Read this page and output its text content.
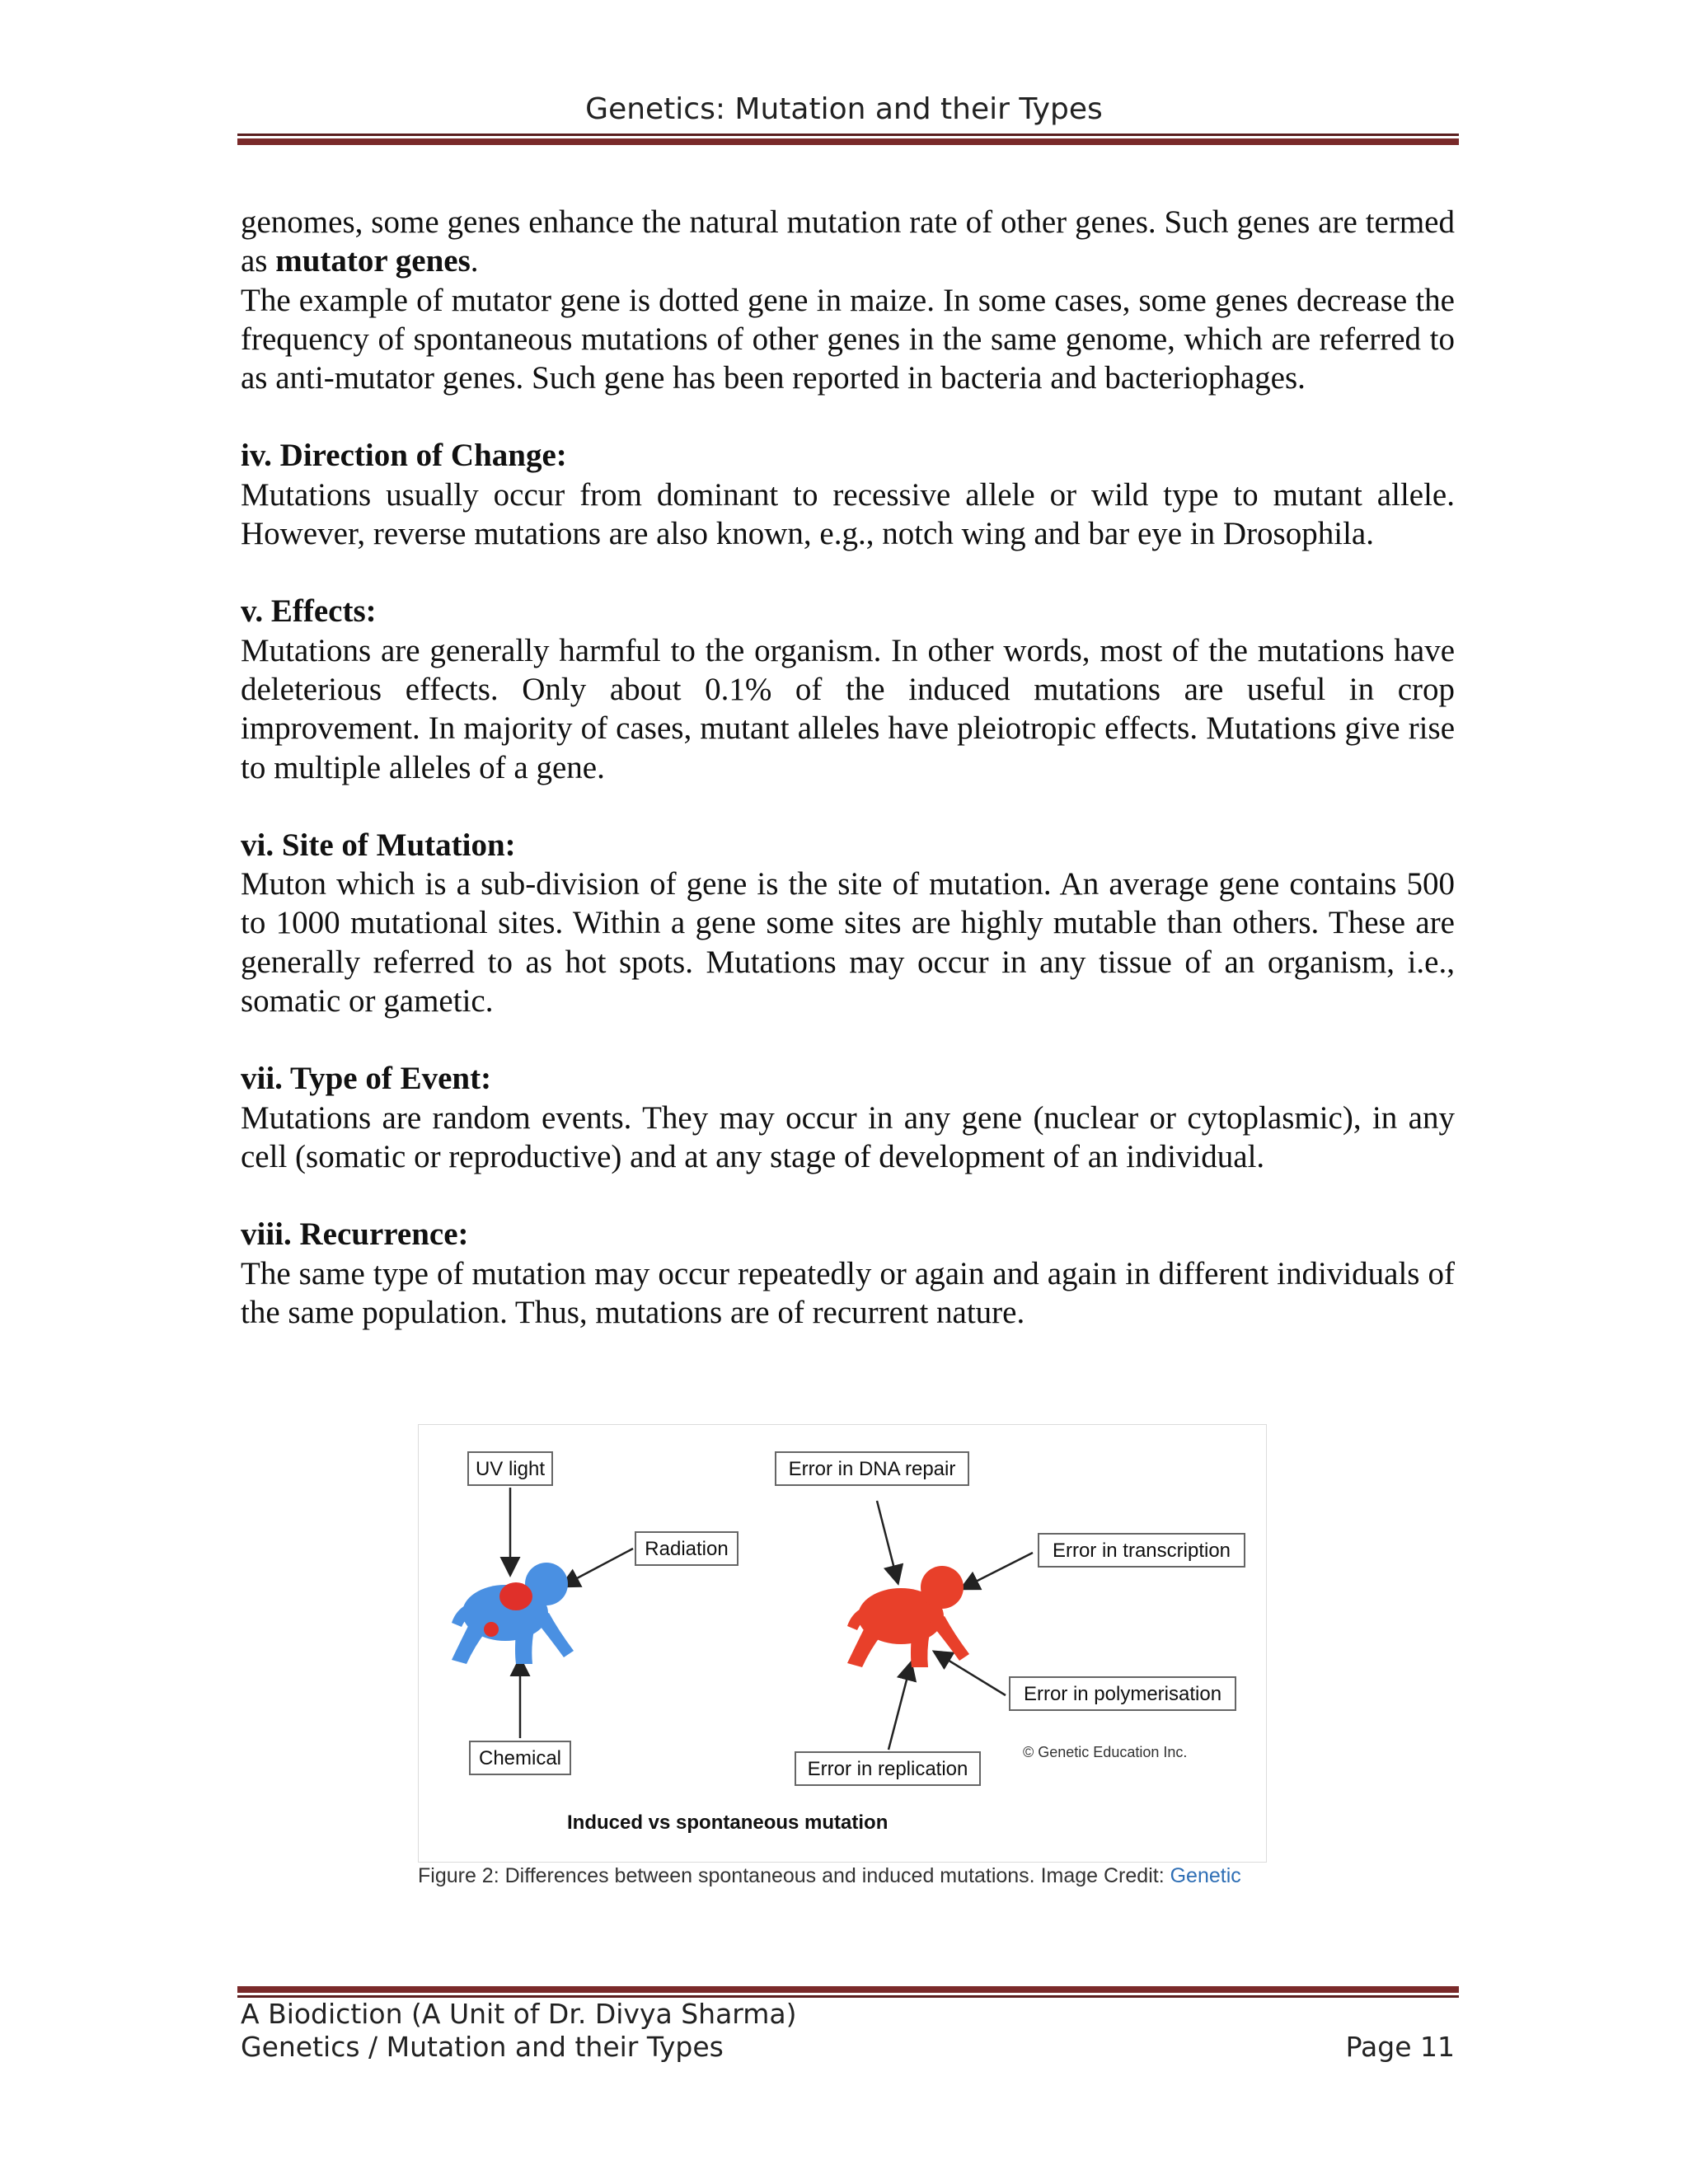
Genetics: Mutation and their Types

genomes, some genes enhance the natural mutation rate of other genes. Such genes are termed as mutator genes.

The example of mutator gene is dotted gene in maize. In some cases, some genes decrease the frequency of spontaneous mutations of other genes in the same genome, which are referred to as anti-mutator genes. Such gene has been reported in bacteria and bacteriophages.

iv. Direction of Change:

Mutations usually occur from dominant to recessive allele or wild type to mutant allele. However, reverse mutations are also known, e.g., notch wing and bar eye in Drosophila.

v. Effects:

Mutations are generally harmful to the organism. In other words, most of the mutations have deleterious effects. Only about 0.1% of the induced mutations are useful in crop improvement. In majority of cases, mutant alleles have pleiotropic effects. Mutations give rise to multiple alleles of a gene.

vi. Site of Mutation:

Muton which is a sub-division of gene is the site of mutation. An average gene contains 500 to 1000 mutational sites. Within a gene some sites are highly mutable than others. These are generally referred to as hot spots. Mutations may occur in any tissue of an organism, i.e., somatic or gametic.

vii. Type of Event:

Mutations are random events. They may occur in any gene (nuclear or cytoplasmic), in any cell (somatic or reproductive) and at any stage of development of an individual.

viii. Recurrence:

The same type of mutation may occur repeatedly or again and again in different individuals of the same population. Thus, mutations are of recurrent nature.

UV light
Radiation
Chemical
Error in DNA repair
Error in transcription
Error in polymerisation
Error in replication
© Genetic Education Inc.
Induced vs spontaneous mutation
Figure 2: Differences between spontaneous and induced mutations. Image Credit: Genetic
A Biodiction (A Unit of Dr. Divya Sharma)
Genetics / Mutation and their Types	Page 11
